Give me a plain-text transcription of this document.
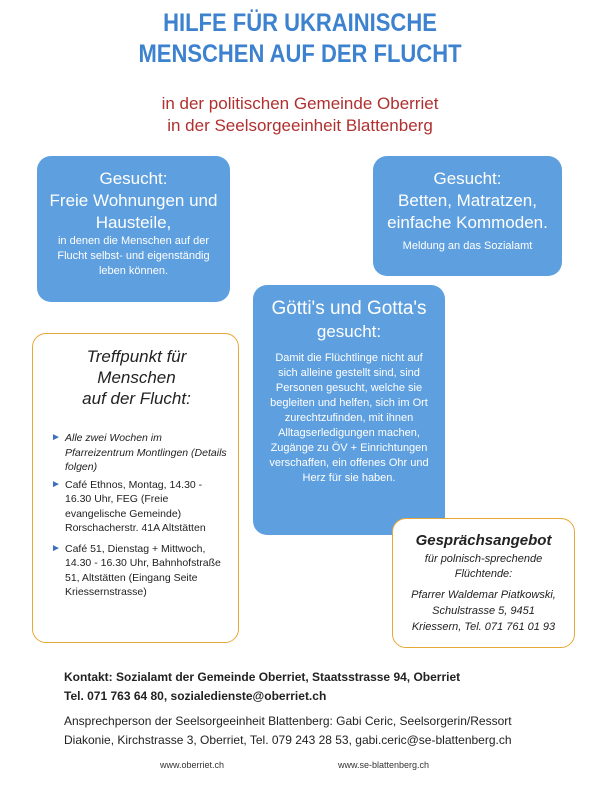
HILFE FÜR UKRAINISCHE
MENSCHEN AUF DER FLUCHT
in der politischen Gemeinde Oberriet
in der Seelsorgeeinheit Blattenberg
Gesucht:
Freie Wohnungen und
Hausteile,
in denen die Menschen auf der
Flucht selbst- und eigenständig
leben können.
Gesucht:
Betten, Matratzen,
einfache Kommoden.
Meldung an das Sozialamt
Götti's und Gotta's
gesucht:
Damit die Flüchtlinge nicht auf
sich alleine gestellt sind, sind
Personen gesucht, welche sie
begleiten und helfen, sich im Ort
zurechtzufinden, mit ihnen
Alltagserledigungen machen,
Zugänge zu ÖV + Einrichtungen
verschaffen, ein offenes Ohr und
Herz für sie haben.
Treffpunkt für
Menschen
auf der Flucht:
► Alle zwei Wochen im
Pfarreizentrum Montlingen (Details
folgen)
► Café Ethnos, Montag, 14.30 -
16.30 Uhr, FEG (Freie
evangelische Gemeinde)
Rorschacherstr. 41A Altstätten
► Café 51, Dienstag + Mittwoch,
14.30 - 16.30 Uhr, Bahnhofstraße
51, Altstätten (Eingang Seite
Kriessernstrasse)
Gesprächsangebot
für polnisch-sprechende
Flüchtende:
Pfarrer Waldemar Piatkowski,
Schulstrasse 5, 9451
Kriessern, Tel. 071 761 01 93
Kontakt: Sozialamt der Gemeinde Oberriet, Staatsstrasse 94, Oberriet
Tel. 071 763 64 80, sozialedienste@oberriet.ch
Ansprechperson der Seelsorgeeinheit Blattenberg: Gabi Ceric, Seelsorgerin/Ressort
Diakonie, Kirchstrasse 3, Oberriet, Tel. 079 243 28 53, gabi.ceric@se-blattenberg.ch
www.oberriet.ch	www.se-blattenberg.ch
